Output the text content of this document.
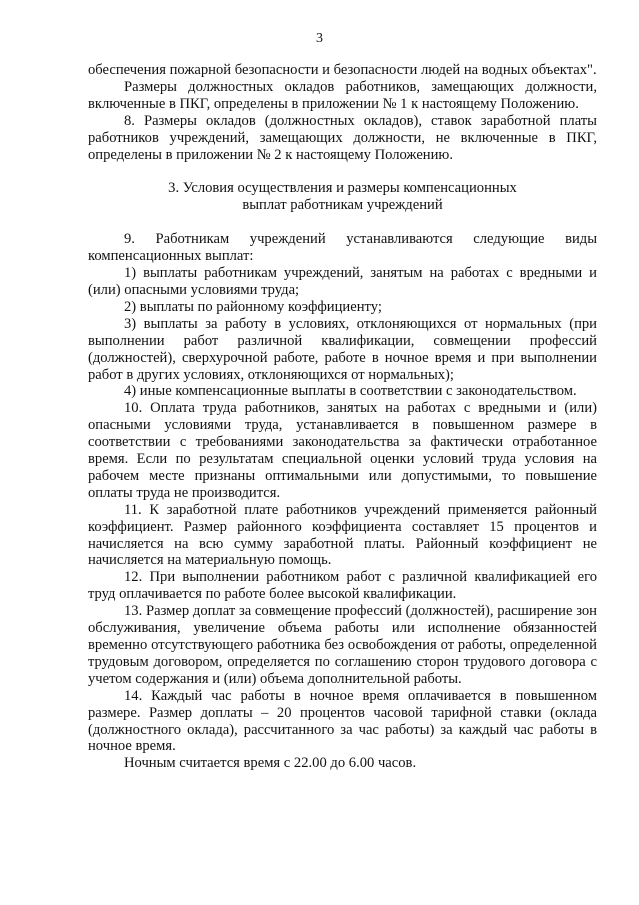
3

обеспечения пожарной безопасности и безопасности людей на водных объектах".

Размеры должностных окладов работников, замещающих должности, включенные в ПКГ, определены в приложении № 1 к настоящему Положению.

8. Размеры окладов (должностных окладов), ставок заработной платы работников учреждений, замещающих должности, не включенные в ПКГ, определены в приложении № 2 к настоящему Положению.

3. Условия осуществления и размеры компенсационных
выплат работникам учреждений

9. Работникам учреждений устанавливаются следующие виды компенсационных выплат:

1) выплаты работникам учреждений, занятым на работах с вредными и (или) опасными условиями труда;

2) выплаты по районному коэффициенту;

3) выплаты за работу в условиях, отклоняющихся от нормальных (при выполнении работ различной квалификации, совмещении профессий (должностей), сверхурочной работе, работе в ночное время и при выполнении работ в других условиях, отклоняющихся от нормальных);

4) иные компенсационные выплаты в соответствии с законодательством.

10. Оплата труда работников, занятых на работах с вредными и (или) опасными условиями труда, устанавливается в повышенном размере в соответствии с требованиями законодательства за фактически отработанное время. Если по результатам специальной оценки условий труда условия на рабочем месте признаны оптимальными или допустимыми, то повышение оплаты труда не производится.

11. К заработной плате работников учреждений применяется районный коэффициент. Размер районного коэффициента составляет 15 процентов и начисляется на всю сумму заработной платы. Районный коэффициент не начисляется на материальную помощь.

12. При выполнении работником работ с различной квалификацией его труд оплачивается по работе более высокой квалификации.

13. Размер доплат за совмещение профессий (должностей), расширение зон обслуживания, увеличение объема работы или исполнение обязанностей временно отсутствующего работника без освобождения от работы, определенной трудовым договором, определяется по соглашению сторон трудового договора с учетом содержания и (или) объема дополнительной работы.

14. Каждый час работы в ночное время оплачивается в повышенном размере. Размер доплаты – 20 процентов часовой тарифной ставки (оклада (должностного оклада), рассчитанного за час работы) за каждый час работы в ночное время.

Ночным считается время с 22.00 до 6.00 часов.
